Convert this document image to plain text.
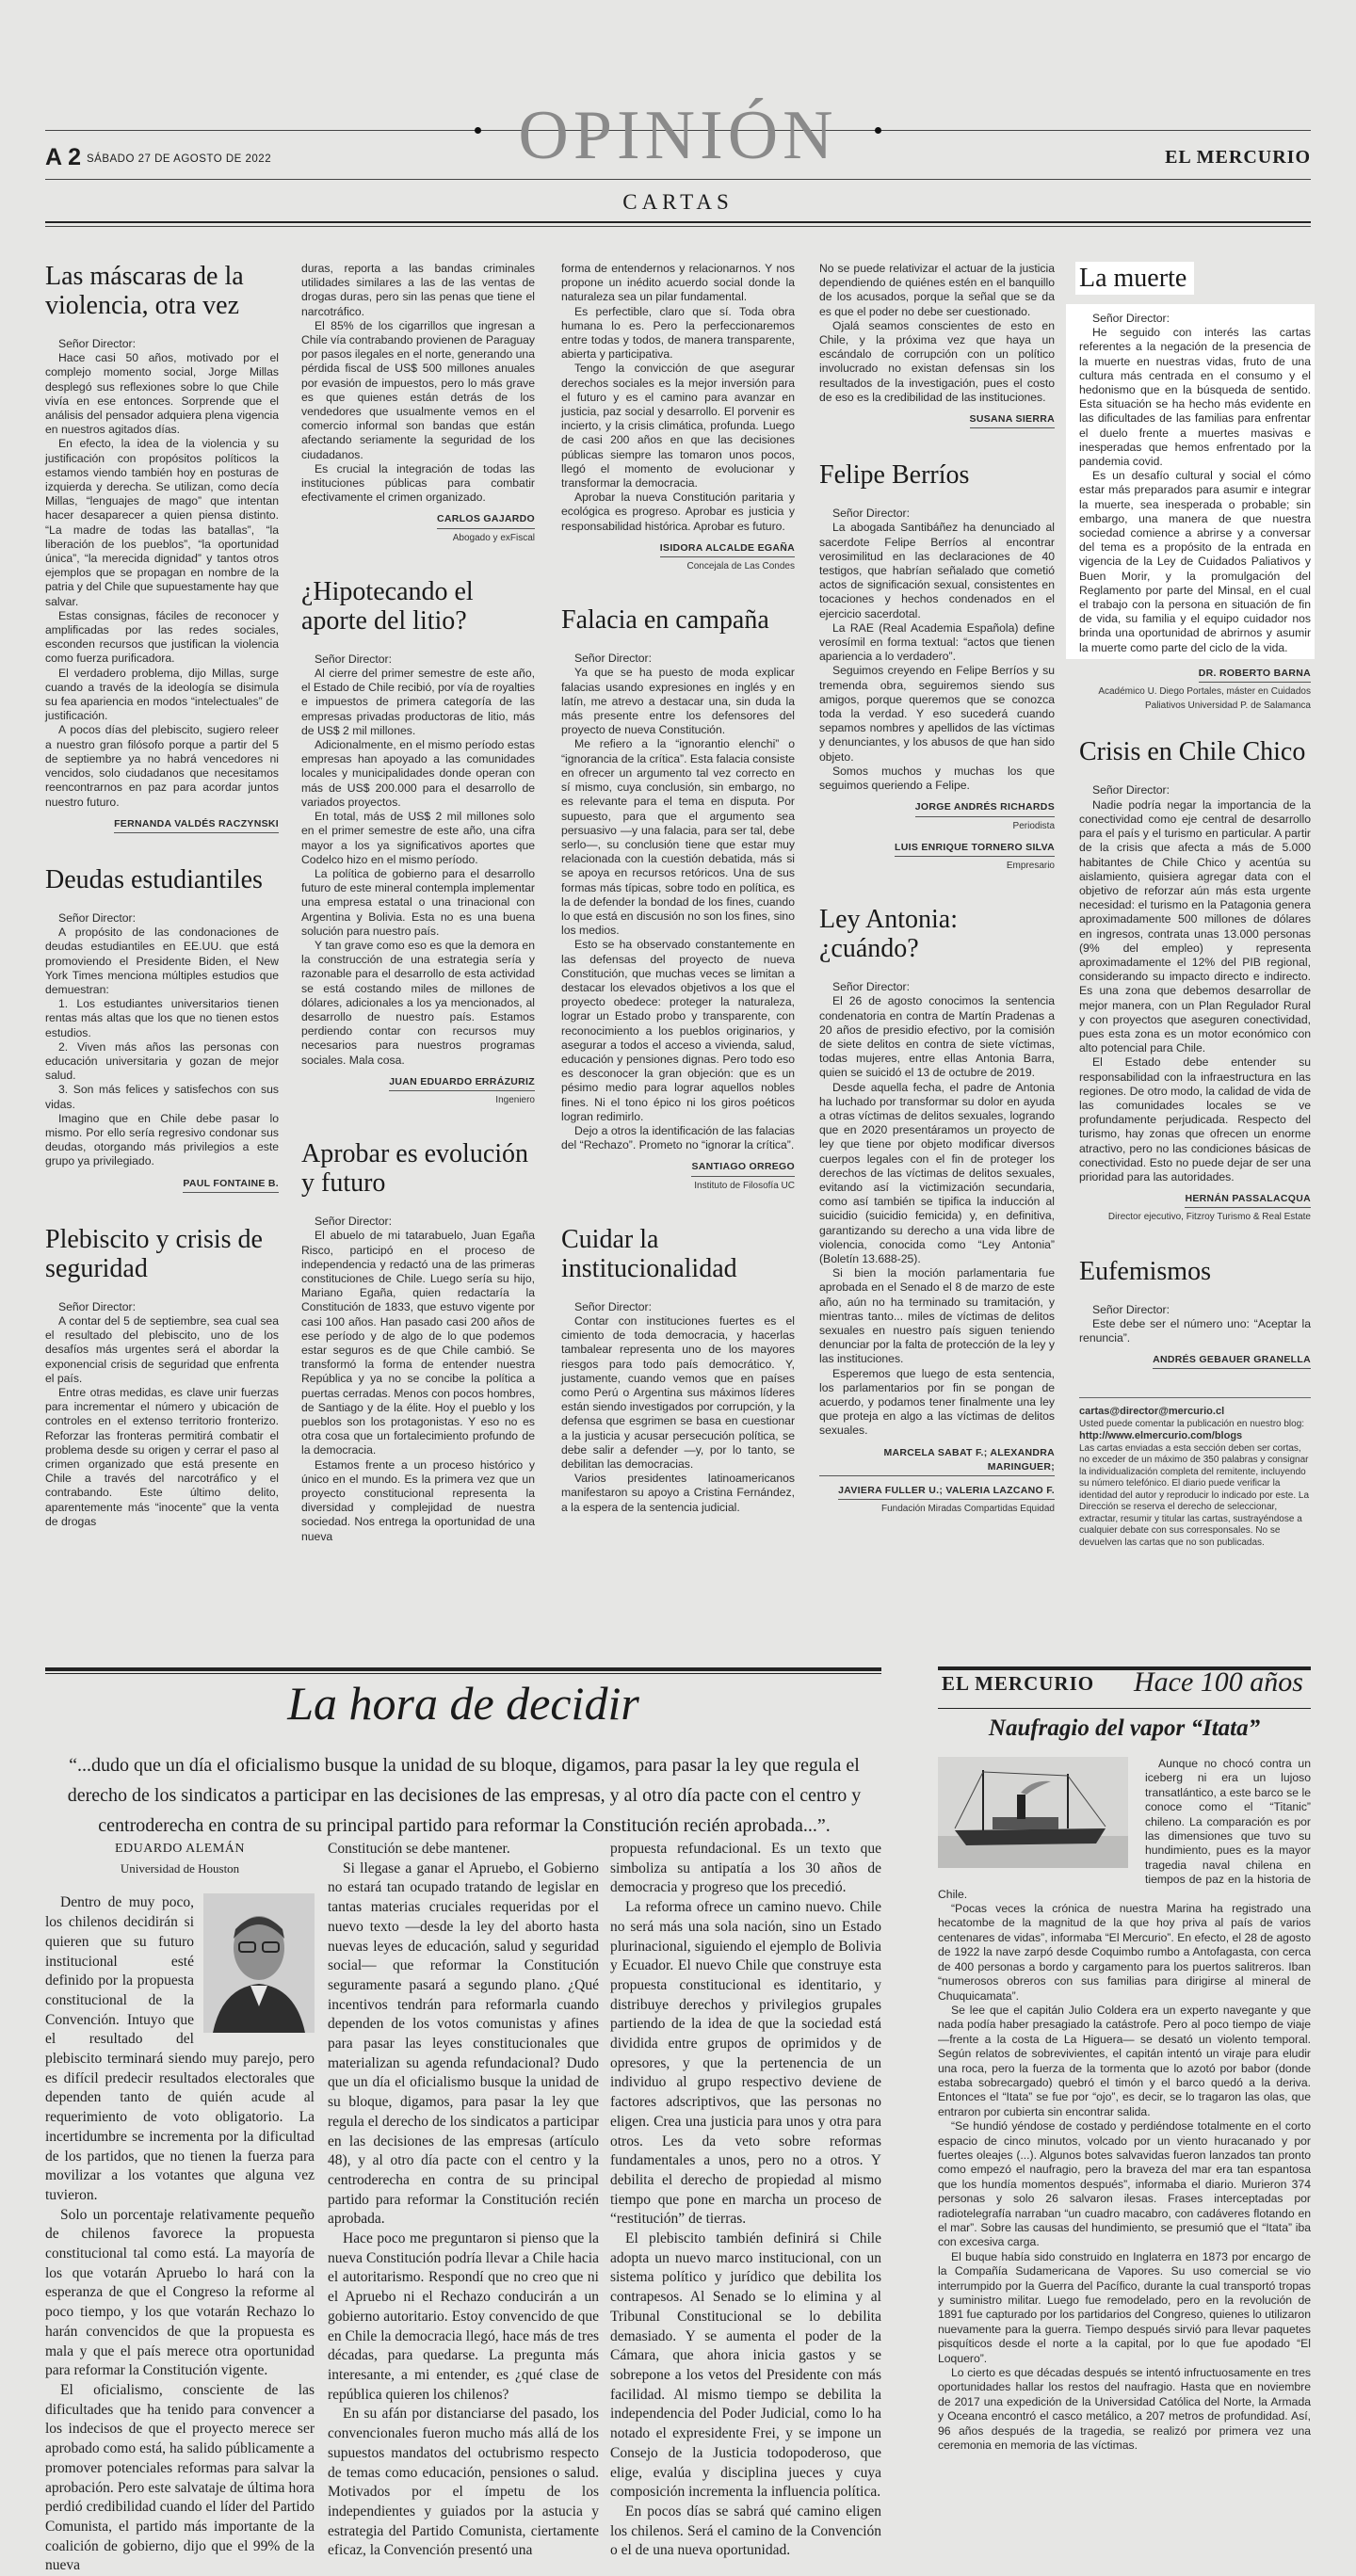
OPINIÓN
A 2 SÁBADO 27 DE AGOSTO DE 2022	EL MERCURIO
CARTAS
Las máscaras de la violencia, otra vez

Señor Director:

Hace casi 50 años, motivado por el complejo momento social, Jorge Millas desplegó sus reflexiones sobre lo que Chile vivía en ese entonces. Sorprende que el análisis del pensador adquiera plena vigencia en nuestros agitados días.

En efecto, la idea de la violencia y su justificación con propósitos políticos la estamos viendo también hoy en posturas de izquierda y derecha. Se utilizan, como decía Millas, “lenguajes de mago” que intentan hacer desaparecer a quien piensa distinto. “La madre de todas las batallas”, “la liberación de los pueblos”, “la oportunidad única”, “la merecida dignidad” y tantos otros ejemplos que se propagan en nombre de la patria y del Chile que supuestamente hay que salvar.

Estas consignas, fáciles de reconocer y amplificadas por las redes sociales, esconden recursos que justifican la violencia como fuerza purificadora.

El verdadero problema, dijo Millas, surge cuando a través de la ideología se disimula su fea apariencia en modos “intelectuales” de justificación.

A pocos días del plebiscito, sugiero releer a nuestro gran filósofo porque a partir del 5 de septiembre ya no habrá vencedores ni vencidos, solo ciudadanos que necesitamos reencontrarnos en paz para acordar juntos nuestro futuro.

FERNANDA VALDÉS RACZYNSKI
Deudas estudiantiles

Señor Director:

A propósito de las condonaciones de deudas estudiantiles en EE.UU. que está promoviendo el Presidente Biden, el New York Times menciona múltiples estudios que demuestran:

1. Los estudiantes universitarios tienen rentas más altas que los que no tienen estos estudios.

2. Viven más años las personas con educación universitaria y gozan de mejor salud.

3. Son más felices y satisfechos con sus vidas.

Imagino que en Chile debe pasar lo mismo. Por ello sería regresivo condonar sus deudas, otorgando más privilegios a este grupo ya privilegiado.

PAUL FONTAINE B.
Plebiscito y crisis de seguridad

Señor Director:

A contar del 5 de septiembre, sea cual sea el resultado del plebiscito, uno de los desafíos más urgentes será el abordar la exponencial crisis de seguridad que enfrenta el país.

Entre otras medidas, es clave unir fuerzas para incrementar el número y ubicación de controles en el extenso territorio fronterizo. Reforzar las fronteras permitirá combatir el problema desde su origen y cerrar el paso al crimen organizado que está presente en Chile a través del narcotráfico y el contrabando. Este último delito, aparentemente más “inocente” que la venta de drogas

duras, reporta a las bandas criminales utilidades similares a las de las ventas de drogas duras, pero sin las penas que tiene el narcotráfico.

El 85% de los cigarrillos que ingresan a Chile vía contrabando provienen de Paraguay por pasos ilegales en el norte, generando una pérdida fiscal de US$ 500 millones anuales por evasión de impuestos, pero lo más grave es que quienes están detrás de los vendedores que usualmente vemos en el comercio informal son bandas que están afectando seriamente la seguridad de los ciudadanos.

Es crucial la integración de todas las instituciones públicas para combatir efectivamente el crimen organizado.

CARLOS GAJARDO
Abogado y exFiscal
¿Hipotecando el aporte del litio?

Señor Director:

Al cierre del primer semestre de este año, el Estado de Chile recibió, por vía de royalties e impuestos de primera categoría de las empresas privadas productoras de litio, más de US$ 2 mil millones.

Adicionalmente, en el mismo período estas empresas han apoyado a las comunidades locales y municipalidades donde operan con más de US$ 200.000 para el desarrollo de variados proyectos.

En total, más de US$ 2 mil millones solo en el primer semestre de este año, una cifra mayor a los ya significativos aportes que Codelco hizo en el mismo período.

La política de gobierno para el desarrollo futuro de este mineral contempla implementar una empresa estatal o una trinacional con Argentina y Bolivia. Esta no es una buena solución para nuestro país.

Y tan grave como eso es que la demora en la construcción de una estrategia sería y razonable para el desarrollo de esta actividad se está costando miles de millones de dólares, adicionales a los ya mencionados, al desarrollo de nuestro país. Estamos perdiendo contar con recursos muy necesarios para nuestros programas sociales. Mala cosa.

JUAN EDUARDO ERRÁZURIZ
Ingeniero
Aprobar es evolución y futuro

Señor Director:

El abuelo de mi tatarabuelo, Juan Egaña Risco, participó en el proceso de independencia y redactó una de las primeras constituciones de Chile. Luego sería su hijo, Mariano Egaña, quien redactaría la Constitución de 1833, que estuvo vigente por casi 100 años. Han pasado casi 200 años de ese período y de algo de lo que podemos estar seguros es de que Chile cambió. Se transformó la forma de entender nuestra República y ya no se concibe la política a puertas cerradas. Menos con pocos hombres, de Santiago y de la élite. Hoy el pueblo y los pueblos son los protagonistas. Y eso no es otra cosa que un fortalecimiento profundo de la democracia.

Estamos frente a un proceso histórico y único en el mundo. Es la primera vez que un proyecto constitucional representa la diversidad y complejidad de nuestra sociedad. Nos entrega la oportunidad de una nueva

forma de entendernos y relacionarnos. Y nos propone un inédito acuerdo social donde la naturaleza sea un pilar fundamental.

Es perfectible, claro que sí. Toda obra humana lo es. Pero la perfeccionaremos entre todas y todos, de manera transparente, abierta y participativa.

Tengo la convicción de que asegurar derechos sociales es la mejor inversión para el futuro y es el camino para avanzar en justicia, paz social y desarrollo. El porvenir es incierto, y la crisis climática, profunda. Luego de casi 200 años en que las decisiones públicas siempre las tomaron unos pocos, llegó el momento de evolucionar y transformar la democracia.

Aprobar la nueva Constitución paritaria y ecológica es progreso. Aprobar es justicia y responsabilidad histórica. Aprobar es futuro.

ISIDORA ALCALDE EGAÑA
Concejala de Las Condes
Falacia en campaña

Señor Director:

Ya que se ha puesto de moda explicar falacias usando expresiones en inglés y en latín, me atrevo a destacar una, sin duda la más presente entre los defensores del proyecto de nueva Constitución.

Me refiero a la “ignorantio elenchi” o “ignorancia de la crítica”. Esta falacia consiste en ofrecer un argumento tal vez correcto en sí mismo, cuya conclusión, sin embargo, no es relevante para el tema en disputa. Por supuesto, para que el argumento sea persuasivo —y una falacia, para ser tal, debe serlo—, su conclusión tiene que estar muy relacionada con la cuestión debatida, más si se apoya en recursos retóricos. Una de sus formas más típicas, sobre todo en política, es la de defender la bondad de los fines, cuando lo que está en discusión no son los fines, sino los medios.

Esto se ha observado constantemente en las defensas del proyecto de nueva Constitución, que muchas veces se limitan a destacar los elevados objetivos a los que el proyecto obedece: proteger la naturaleza, lograr un Estado probo y transparente, con reconocimiento a los pueblos originarios, y asegurar a todos el acceso a vivienda, salud, educación y pensiones dignas. Pero todo eso es desconocer la gran objeción: que es un pésimo medio para lograr aquellos nobles fines. Ni el tono épico ni los giros poéticos logran redimirlo.

Dejo a otros la identificación de las falacias del “Rechazo”. Prometo no “ignorar la crítica”.

SANTIAGO ORREGO
Instituto de Filosofía UC
Cuidar la institucionalidad

Señor Director:

Contar con instituciones fuertes es el cimiento de toda democracia, y hacerlas tambalear representa uno de los mayores riesgos para todo país democrático. Y, justamente, cuando vemos que en países como Perú o Argentina sus máximos líderes están siendo investigados por corrupción, y la defensa que esgrimen se basa en cuestionar a la justicia y acusar persecución política, se debe salir a defender —y, por lo tanto, se debilitan las democracias.

Varios presidentes latinoamericanos manifestaron su apoyo a Cristina Fernández, a la espera de la sentencia judicial.

No se puede relativizar el actuar de la justicia dependiendo de quiénes estén en el banquillo de los acusados, porque la señal que se da es que el poder no debe ser cuestionado.

Ojalá seamos conscientes de esto en Chile, y la próxima vez que haya un escándalo de corrupción con un político involucrado no existan defensas sin los resultados de la investigación, pues el costo de eso es la credibilidad de las instituciones.

SUSANA SIERRA
Felipe Berríos

Señor Director:

La abogada Santibáñez ha denunciado al sacerdote Felipe Berríos al encontrar verosimilitud en las declaraciones de 40 testigos, que habrían señalado que cometió actos de significación sexual, consistentes en tocaciones y hechos condenados en el ejercicio sacerdotal.

La RAE (Real Academia Española) define verosímil en forma textual: “actos que tienen apariencia a lo verdadero”.

Seguimos creyendo en Felipe Berríos y su tremenda obra, seguiremos siendo sus amigos, porque queremos que se conozca toda la verdad. Y eso sucederá cuando sepamos nombres y apellidos de las víctimas y denunciantes, y los abusos de que han sido objeto.

Somos muchos y muchas los que seguimos queriendo a Felipe.

JORGE ANDRÉS RICHARDS
Periodista
LUIS ENRIQUE TORNERO SILVA
Empresario
Ley Antonia: ¿cuándo?

Señor Director:

El 26 de agosto conocimos la sentencia condenatoria en contra de Martín Pradenas a 20 años de presidio efectivo, por la comisión de siete delitos en contra de siete víctimas, todas mujeres, entre ellas Antonia Barra, quien se suicidó el 13 de octubre de 2019.

Desde aquella fecha, el padre de Antonia ha luchado por transformar su dolor en ayuda a otras víctimas de delitos sexuales, logrando que en 2020 presentáramos un proyecto de ley que tiene por objeto modificar diversos cuerpos legales con el fin de proteger los derechos de las víctimas de delitos sexuales, evitando así la victimización secundaria, como así también se tipifica la inducción al suicidio (suicidio femicida) y, en definitiva, garantizando su derecho a una vida libre de violencia, conocida como “Ley Antonia” (Boletín 13.688-25).

Si bien la moción parlamentaria fue aprobada en el Senado el 8 de marzo de este año, aún no ha terminado su tramitación, y mientras tanto... miles de víctimas de delitos sexuales en nuestro país siguen teniendo denunciar por la falta de protección de la ley y las instituciones.

Esperemos que luego de esta sentencia, los parlamentarios por fin se pongan de acuerdo, y podamos tener finalmente una ley que proteja en algo a las víctimas de delitos sexuales.

MARCELA SABAT F.; ALEXANDRA MARINGUER;
JAVIERA FULLER U.; VALERIA LAZCANO F.
Fundación Miradas Compartidas Equidad
La muerte

Señor Director:

He seguido con interés las cartas referentes a la negación de la presencia de la muerte en nuestras vidas, fruto de una cultura más centrada en el consumo y el hedonismo que en la búsqueda de sentido. Esta situación se ha hecho más evidente en las dificultades de las familias para enfrentar el duelo frente a muertes masivas e inesperadas que hemos enfrentado por la pandemia covid.

Es un desafío cultural y social el cómo estar más preparados para asumir e integrar la muerte, sea inesperada o probable; sin embargo, una manera de que nuestra sociedad comience a abrirse y a conversar del tema es a propósito de la entrada en vigencia de la Ley de Cuidados Paliativos y Buen Morir, y la promulgación del Reglamento por parte del Minsal, en el cual el trabajo con la persona en situación de fin de vida, su familia y el equipo cuidador nos brinda una oportunidad de abrirnos y asumir la muerte como parte del ciclo de la vida.

DR. ROBERTO BARNA
Académico U. Diego Portales, máster en Cuidados Paliativos Universidad P. de Salamanca
Crisis en Chile Chico

Señor Director:

Nadie podría negar la importancia de la conectividad como eje central de desarrollo para el país y el turismo en particular. A partir de la crisis que afecta a más de 5.000 habitantes de Chile Chico y acentúa su aislamiento, quisiera agregar data con el objetivo de reforzar aún más esta urgente necesidad: el turismo en la Patagonia genera aproximadamente 500 millones de dólares en ingresos, contrata unas 13.000 personas (9% del empleo) y representa aproximadamente el 12% del PIB regional, considerando su impacto directo e indirecto. Es una zona que debemos desarrollar de mejor manera, con un Plan Regulador Rural y con proyectos que aseguren conectividad, pues esta zona es un motor económico con alto potencial para Chile.

El Estado debe entender su responsabilidad con la infraestructura en las regiones. De otro modo, la calidad de vida de las comunidades locales se ve profundamente perjudicada. Respecto del turismo, hay zonas que ofrecen un enorme atractivo, pero no las condiciones básicas de conectividad. Esto no puede dejar de ser una prioridad para las autoridades.

HERNÁN PASSALACQUA
Director ejecutivo, Fitzroy Turismo & Real Estate
Eufemismos

Señor Director:

Este debe ser el número uno: “Aceptar la renuncia”.

ANDRÉS GEBAUER GRANELLA
cartas@director@mercurio.cl
Usted puede comentar la publicación en nuestro blog:
http://www.elmercurio.com/blogs
Las cartas enviadas a esta sección deben ser cortas, no exceder de un máximo de 350 palabras y consignar la individualización completa del remitente, incluyendo su número telefónico. El diario puede verificar la identidad del autor y reproducir lo indicado por este. La Dirección se reserva el derecho de seleccionar, extractar, resumir y titular las cartas, sustrayéndose a cualquier debate con sus corresponsales. No se devuelven las cartas que no son publicadas.
La hora de decidir
“...dudo que un día el oficialismo busque la unidad de su bloque, digamos, para pasar la ley que regula el derecho de los sindicatos a participar en las decisiones de las empresas, y al otro día pacte con el centro y centroderecha en contra de su principal partido para reformar la Constitución recién aprobada...”.
EDUARDO ALEMÁN
Universidad de Houston

Dentro de muy poco, los chilenos decidirán si quieren que su futuro institucional esté definido por la propuesta constitucional de la Convención. Intuyo que el resultado del plebiscito terminará siendo muy parejo, pero es difícil predecir resultados electorales que dependen tanto de quién acude al requerimiento de voto obligatorio. La incertidumbre se incrementa por la dificultad de los partidos, que no tienen la fuerza para movilizar a los votantes que alguna vez tuvieron.

Solo un porcentaje relativamente pequeño de chilenos favorece la propuesta constitucional tal como está. La mayoría de los que votarán Apruebo lo hará con la esperanza de que el Congreso la reforme al poco tiempo, y los que votarán Rechazo lo harán convencidos de que la propuesta es mala y que el país merece otra oportunidad para reformar la Constitución vigente.

El oficialismo, consciente de las dificultades que ha tenido para convencer a los indecisos de que el proyecto merece ser aprobado como está, ha salido públicamente a promover potenciales reformas para salvar la aprobación. Pero este salvataje de última hora perdió credibilidad cuando el líder del Partido Comunista, el partido más importante de la coalición de gobierno, dijo que el 99% de la nueva

Constitución se debe mantener.

Si llegase a ganar el Apruebo, el Gobierno no estará tan ocupado tratando de legislar en tantas materias cruciales requeridas por el nuevo texto —desde la ley del aborto hasta nuevas leyes de educación, salud y seguridad social— que reformar la Constitución seguramente pasará a segundo plano. ¿Qué incentivos tendrán para reformarla cuando dependen de los votos comunistas y afines para pasar las leyes constitucionales que materializan su agenda refundacional? Dudo que un día el oficialismo busque la unidad de su bloque, digamos, para pasar la ley que regula el derecho de los sindicatos a participar en las decisiones de las empresas (artículo 48), y al otro día pacte con el centro y la centroderecha en contra de su principal partido para reformar la Constitución recién aprobada.

Hace poco me preguntaron si pienso que la nueva Constitución podría llevar a Chile hacia el autoritarismo. Respondí que no creo que ni el Apruebo ni el Rechazo conducirán a un gobierno autoritario. Estoy convencido de que en Chile la democracia llegó, hace más de tres décadas, para quedarse. La pregunta más interesante, a mi entender, es ¿qué clase de república quieren los chilenos?

En su afán por distanciarse del pasado, los convencionales fueron mucho más allá de los supuestos mandatos del octubrismo respecto de temas como educación, pensiones o salud. Motivados por el ímpetu de los independientes y guiados por la astucia y estrategia del Partido Comunista, ciertamente eficaz, la Convención presentó una

propuesta refundacional. Es un texto que simboliza su antipatía a los 30 años de democracia y progreso que los precedió.

La reforma ofrece un camino nuevo. Chile no será más una sola nación, sino un Estado plurinacional, siguiendo el ejemplo de Bolivia y Ecuador. El nuevo Chile que construye esta propuesta constitucional es identitario, y distribuye derechos y privilegios grupales partiendo de la idea de que la sociedad está dividida entre grupos de oprimidos y de opresores, y que la pertenencia de un individuo al grupo respectivo deviene de factores adscriptivos, que las personas no eligen. Crea una justicia para unos y otra para otros. Les da veto sobre reformas fundamentales a unos, pero no a otros. Y debilita el derecho de propiedad al mismo tiempo que pone en marcha un proceso de “restitución” de tierras.

El plebiscito también definirá si Chile adopta un nuevo marco institucional, con un sistema político y jurídico que debilita los contrapesos. Al Senado se lo elimina y al Tribunal Constitucional se lo debilita demasiado. Y se aumenta el poder de la Cámara, que ahora inicia gastos y se sobrepone a los vetos del Presidente con más facilidad. Al mismo tiempo se debilita la independencia del Poder Judicial, como lo ha notado el expresidente Frei, y se impone un Consejo de la Justicia todopoderoso, que elige, evalúa y disciplina jueces y cuya composición incrementa la influencia política.

En pocos días se sabrá qué camino eligen los chilenos. Será el camino de la Convención o el de una nueva oportunidad.

EL MERCURIO Hace 100 años
Naufragio del vapor “Itata”

Aunque no chocó contra un iceberg ni era un lujoso transatlántico, a este barco se le conoce como el “Titanic” chileno. La comparación es por las dimensiones que tuvo su hundimiento, pues es la mayor tragedia naval chilena en tiempos de paz en la historia de Chile.

“Pocas veces la crónica de nuestra Marina ha registrado una hecatombe de la magnitud de la que hoy priva al país de varios centenares de vidas”, informaba “El Mercurio”. En efecto, el 28 de agosto de 1922 la nave zarpó desde Coquimbo rumbo a Antofagasta, con cerca de 400 personas a bordo y cargamento para los puertos salitreros. Iban “numerosos obreros con sus familias para dirigirse al mineral de Chuquicamata”.

Se lee que el capitán Julio Coldera era un experto navegante y que nada podía haber presagiado la catástrofe. Pero al poco tiempo de viaje —frente a la costa de La Higuera— se desató un violento temporal. Según relatos de sobrevivientes, el capitán intentó un viraje para eludir una roca, pero la fuerza de la tormenta que lo azotó por babor (donde estaba sobrecargado) quebró el timón y el barco quedó a la deriva. Entonces el “Itata” se fue por “ojo”, es decir, se lo tragaron las olas, que entraron por cubierta sin encontrar salida.

“Se hundió yéndose de costado y perdiéndose totalmente en el corto espacio de cinco minutos, volcado por un viento huracanado y por fuertes oleajes (...). Algunos botes salvavidas fueron lanzados tan pronto como empezó el naufragio, pero la braveza del mar era tan espantosa que los hundía momentos después”, informaba el diario. Murieron 374 personas y solo 26 salvaron ilesas. Frases interceptadas por radiotelegrafía narraban “un cuadro macabro, con cadáveres flotando en el mar”. Sobre las causas del hundimiento, se presumió que el “Itata” iba con excesiva carga.

El buque había sido construido en Inglaterra en 1873 por encargo de la Compañía Sudamericana de Vapores. Su uso comercial se vio interrumpido por la Guerra del Pacífico, durante la cual transportó tropas y suministro militar. Luego fue remodelado, pero en la revolución de 1891 fue capturado por los partidarios del Congreso, quienes lo utilizaron nuevamente para la guerra. Tiempo después sirvió para llevar paquetes pisquíticos desde el norte a la capital, por lo que fue apodado “El Loquero”.

Lo cierto es que décadas después se intentó infructuosamente en tres oportunidades hallar los restos del naufragio. Hasta que en noviembre de 2017 una expedición de la Universidad Católica del Norte, la Armada y Oceana encontró el casco metálico, a 207 metros de profundidad. Así, 96 años después de la tragedia, se realizó por primera vez una ceremonia en memoria de las víctimas.
